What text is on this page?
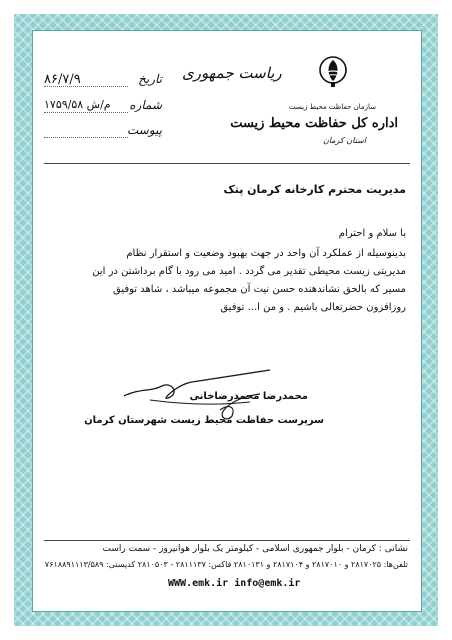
سازمان حفاظت محیط زیست
اداره کل حفاظت محیط زیست
استان کرمان
ریاست جمهوری
تاریخ
۸۶/۷/۹
شماره
۱۷۵۹/۵۸ م/ش
پیوست
مدیریت محترم کارخانه کرمان پتک
با سلام و احترام
بدینوسیله از عملکرد آن واحد در جهت بهبود وضعیت و استقرار نظام
مدیریتی زیست محیطی تقدیر می گردد . امید می رود با گام برداشتن در این
مسیر که بالحق نشاندهنده حسن نیت آن مجموعه میباشد ، شاهد توفیق
روزافزون حضرتعالی باشیم . و من ا... توفیق
محمدرضا محمدرضاخانی
سرپرست حفاظت محیط زیست شهرستان کرمان
نشانی : کرمان - بلوار جمهوری اسلامی - کیلومتر یک بلوار هوانیروز - سمت راست
تلفن‌ها: ۲۸۱۷۰۲۵ و ۲۸۱۷۰۱۰ و ۲۸۱۷۱۰۴ و ۲۸۱۰۱۳۱ فاکس: ۲۸۱۱۱۳۷ - ۲۸۱۰۵۰۳ کدپستی: ۷۶۱۸۸۹۱۱۱۳/۵۸۹
WWW.emk.ir info@emk.ir
